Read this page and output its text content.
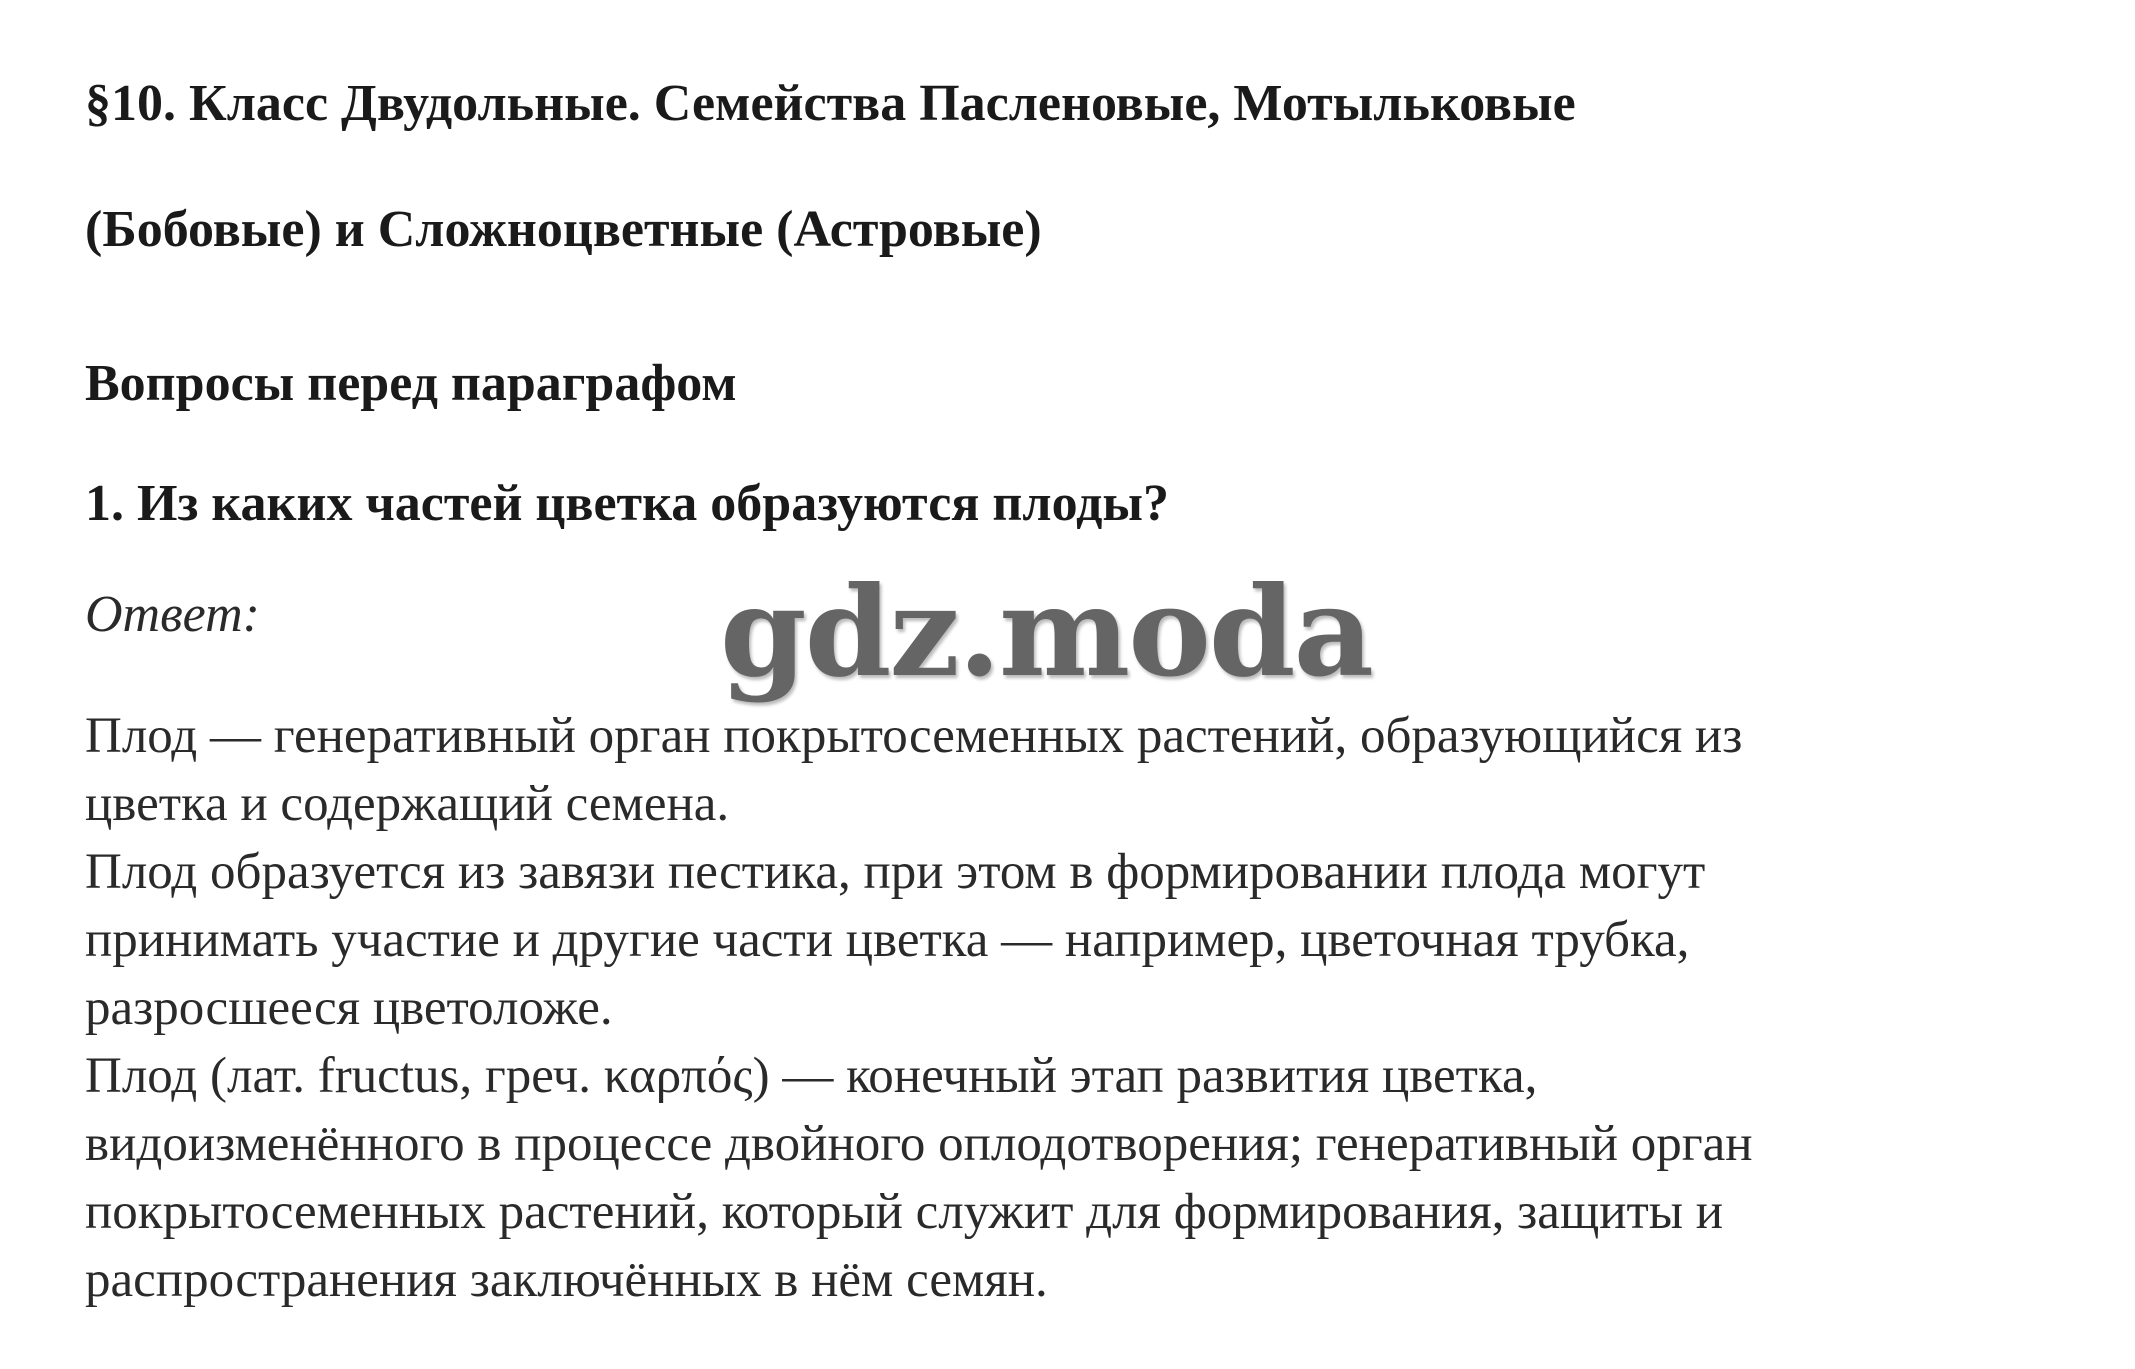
§10. Класс Двудольные. Семейства Пасленовые, Мотыльковые
(Бобовые) и Сложноцветные (Астровые)
Вопросы перед параграфом
1. Из каких частей цветка образуются плоды?
Ответ:	gdz.moda
Плод — генеративный орган покрытосеменных растений, образующийся из
цветка и содержащий семена.
Плод образуется из завязи пестика, при этом в формировании плода могут
принимать участие и другие части цветка — например, цветочная трубка,
разросшееся цветоложе.
Плод (лат. fructus, греч. καρπός) — конечный этап развития цветка,
видоизменённого в процессе двойного оплодотворения; генеративный орган
покрытосеменных растений, который служит для формирования, защиты и
распространения заключённых в нём семян.
